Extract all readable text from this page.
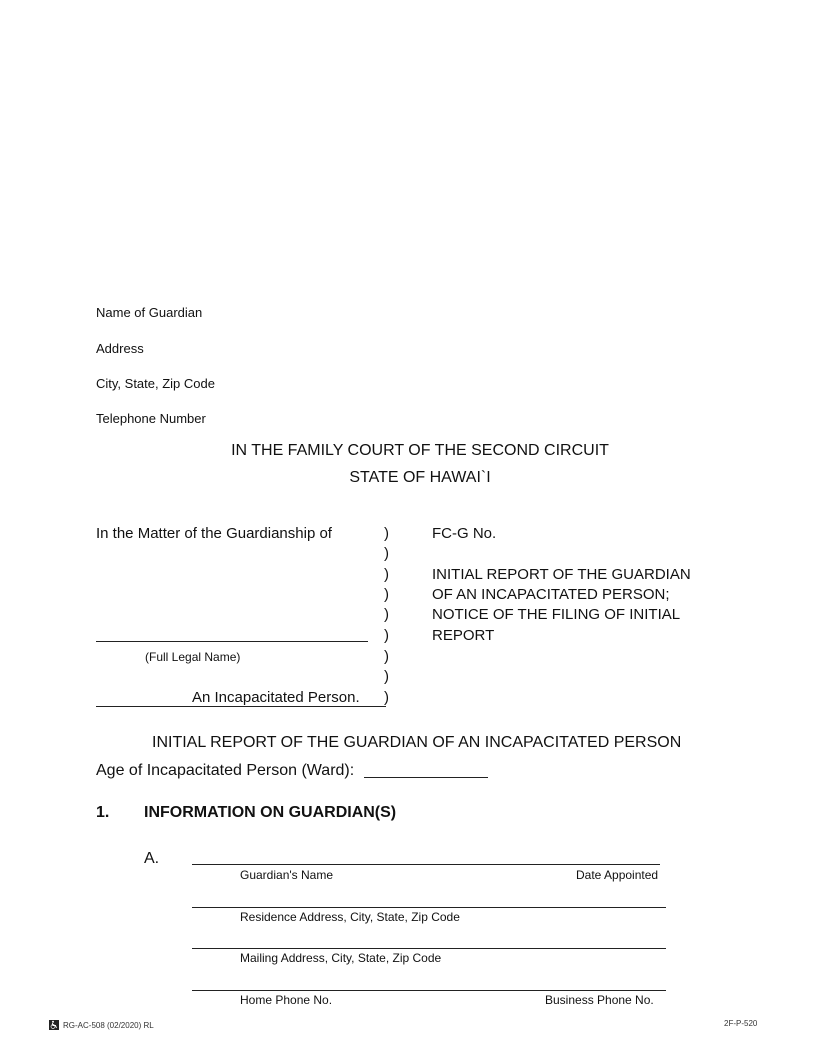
Name of Guardian
Address
City, State, Zip Code
Telephone Number
IN THE FAMILY COURT OF THE SECOND CIRCUIT
STATE OF HAWAI`I
In the Matter of the Guardianship of
(Full Legal Name)
An Incapacitated Person.
)
)
)
)
)
)
)
)
)
FC-G No.
INITIAL REPORT OF THE GUARDIAN
OF AN INCAPACITATED PERSON;
NOTICE OF THE FILING OF INITIAL
REPORT
INITIAL REPORT OF THE GUARDIAN OF AN INCAPACITATED PERSON
Age of Incapacitated Person (Ward):
1. INFORMATION ON GUARDIAN(S)
A.
Guardian's Name	Date Appointed
Residence Address, City, State, Zip Code
Mailing Address, City, State, Zip Code
Home Phone No.	Business Phone No.
RG-AC-508 (02/2020) RL	2F-P-520
